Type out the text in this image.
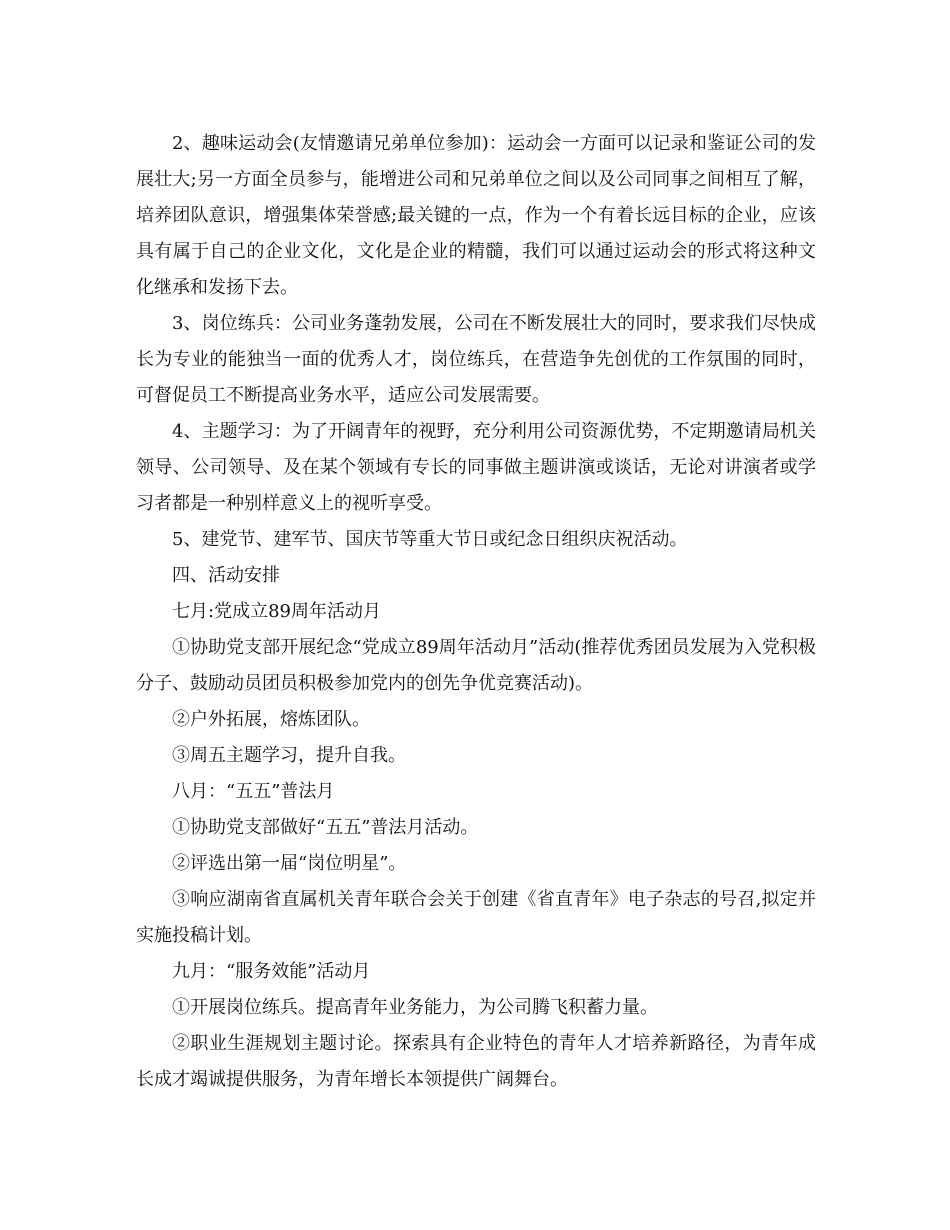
2、趣味运动会(友情邀请兄弟单位参加)：运动会一方面可以记录和鉴证公司的发展壮大;另一方面全员参与，能增进公司和兄弟单位之间以及公司同事之间相互了解，培养团队意识，增强集体荣誉感;最关键的一点，作为一个有着长远目标的企业，应该具有属于自己的企业文化，文化是企业的精髓，我们可以通过运动会的形式将这种文化继承和发扬下去。

3、岗位练兵：公司业务蓬勃发展，公司在不断发展壮大的同时，要求我们尽快成长为专业的能独当一面的优秀人才，岗位练兵，在营造争先创优的工作氛围的同时，可督促员工不断提高业务水平，适应公司发展需要。

4、主题学习：为了开阔青年的视野，充分利用公司资源优势，不定期邀请局机关领导、公司领导、及在某个领域有专长的同事做主题讲演或谈话，无论对讲演者或学习者都是一种别样意义上的视听享受。

5、建党节、建军节、国庆节等重大节日或纪念日组织庆祝活动。

四、活动安排

七月:党成立89周年活动月

①协助党支部开展纪念“党成立89周年活动月”活动(推荐优秀团员发展为入党积极分子、鼓励动员团员积极参加党内的创先争优竞赛活动)。

②户外拓展，熔炼团队。

③周五主题学习，提升自我。

八月：“五五”普法月

①协助党支部做好“五五”普法月活动。

②评选出第一届“岗位明星”。

③响应湖南省直属机关青年联合会关于创建《省直青年》电子杂志的号召,拟定并实施投稿计划。

九月：“服务效能”活动月

①开展岗位练兵。提高青年业务能力，为公司腾飞积蓄力量。

②职业生涯规划主题讨论。探索具有企业特色的青年人才培养新路径，为青年成长成才竭诚提供服务，为青年增长本领提供广阔舞台。
